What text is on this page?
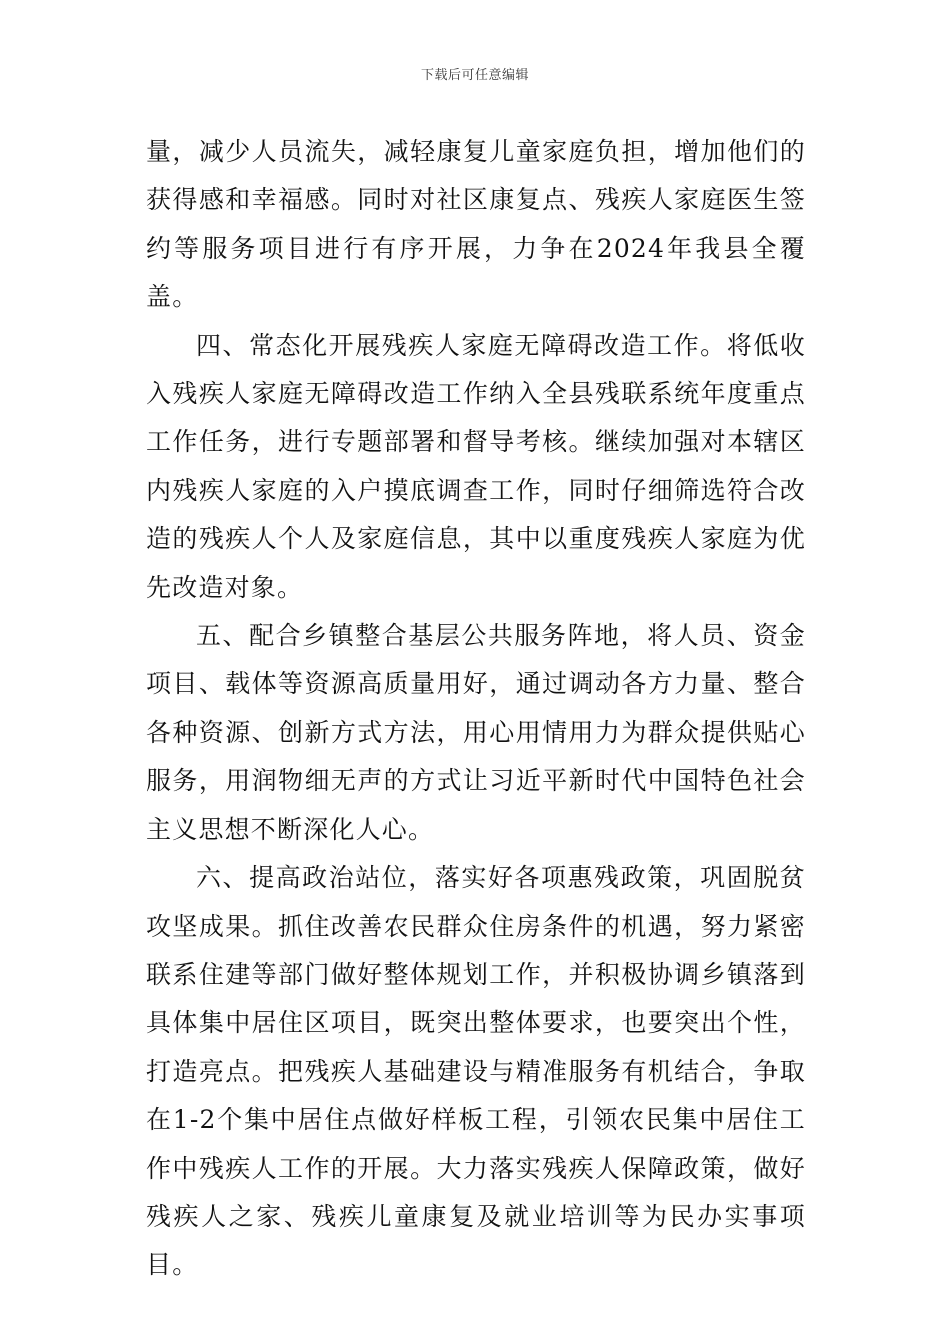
下载后可任意编辑

量，减少人员流失，减轻康复儿童家庭负担，增加他们的获得感和幸福感。同时对社区康复点、残疾人家庭医生签约等服务项目进行有序开展，力争在2024年我县全覆盖。

四、常态化开展残疾人家庭无障碍改造工作。将低收入残疾人家庭无障碍改造工作纳入全县残联系统年度重点工作任务，进行专题部署和督导考核。继续加强对本辖区内残疾人家庭的入户摸底调查工作，同时仔细筛选符合改造的残疾人个人及家庭信息，其中以重度残疾人家庭为优先改造对象。

五、配合乡镇整合基层公共服务阵地，将人员、资金项目、载体等资源高质量用好，通过调动各方力量、整合各种资源、创新方式方法，用心用情用力为群众提供贴心服务，用润物细无声的方式让习近平新时代中国特色社会主义思想不断深化人心。

六、提高政治站位，落实好各项惠残政策，巩固脱贫攻坚成果。抓住改善农民群众住房条件的机遇，努力紧密联系住建等部门做好整体规划工作，并积极协调乡镇落到具体集中居住区项目，既突出整体要求，也要突出个性，打造亮点。把残疾人基础建设与精准服务有机结合，争取在1-2个集中居住点做好样板工程，引领农民集中居住工作中残疾人工作的开展。大力落实残疾人保障政策，做好残疾人之家、残疾儿童康复及就业培训等为民办实事项目。
